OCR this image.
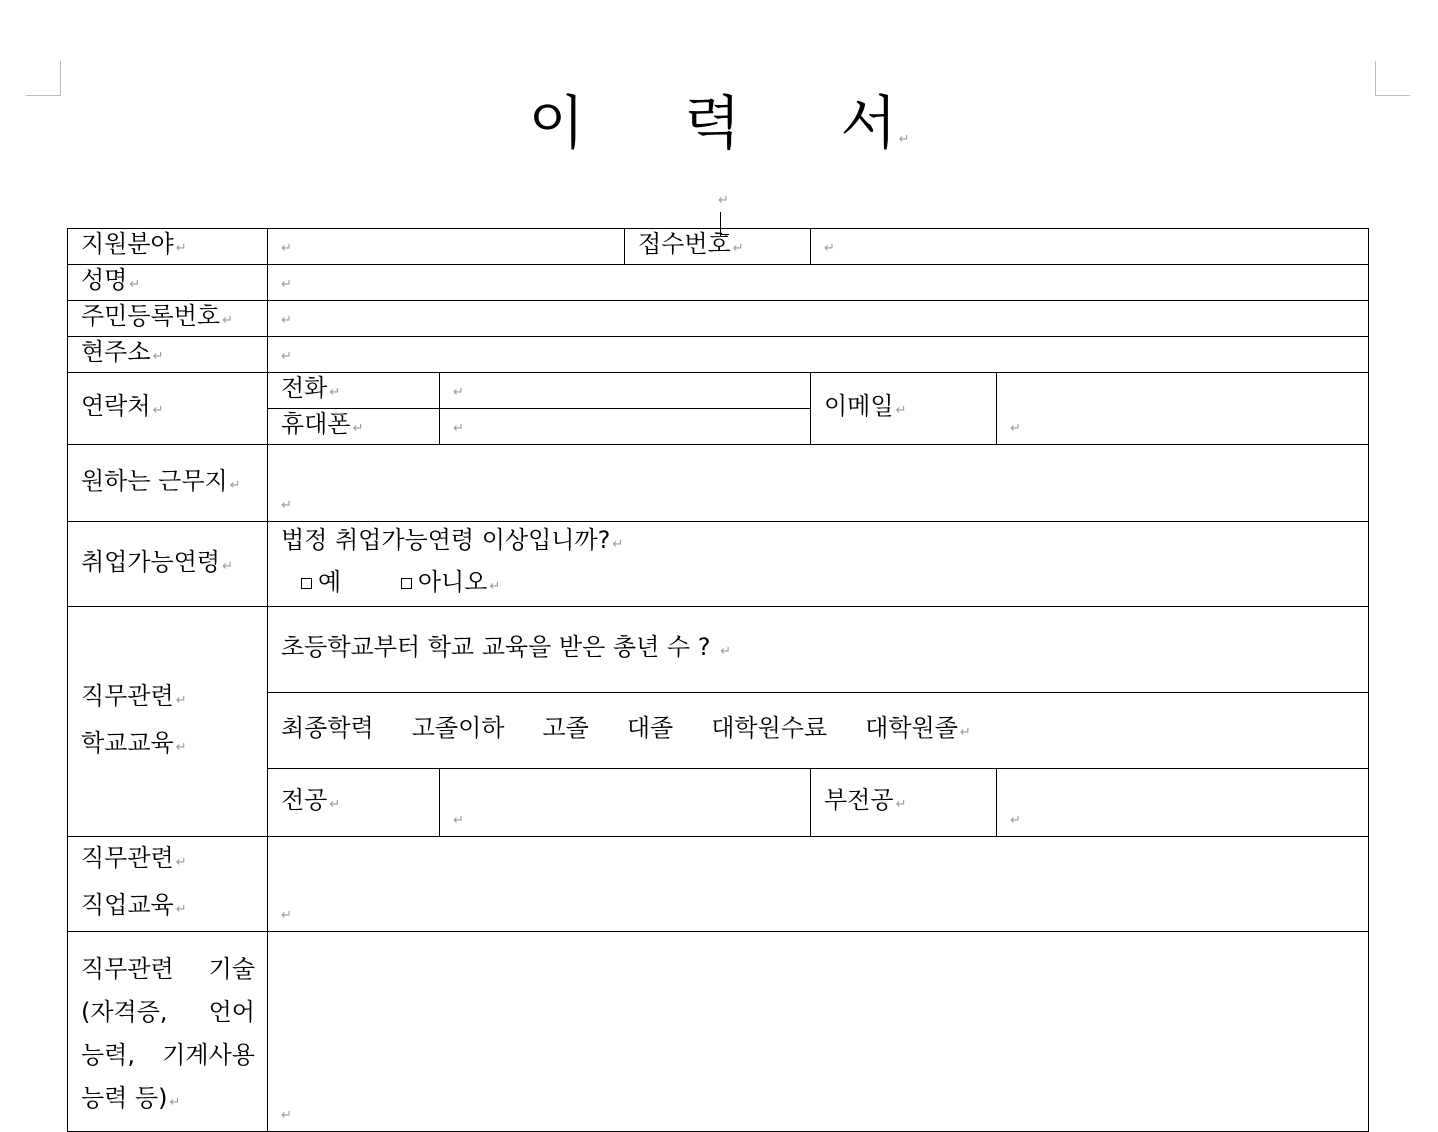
이 력 서 ↵
↵
지원분야 ↵	↵		접수번호 ↵	↵	
성명 ↵	↵				
주민등록번호 ↵	↵				
현주소 ↵	↵				
연락처 ↵	전화 ↵	↵		이메일 ↵	↵
	휴대폰 ↵	↵			
원하는 근무지 ↵	↵				
취업가능연령 ↵	법정 취업가능연령 이상입니까? ↵
예 아니오 ↵				

직무관련 ↵
학교교육 ↵	초등학교부터 학교 교육을 받은 총년 수 ? ↵				
	최종학력 고졸이하 고졸 대졸 대학원수료 대학원졸 ↵				
	전공 ↵	↵		부전공 ↵	↵

직무관련 ↵
직업교육 ↵	↵				

직무관련 기술
(자격증, 언어
능력, 기계사용
능력 등) ↵	↵				
